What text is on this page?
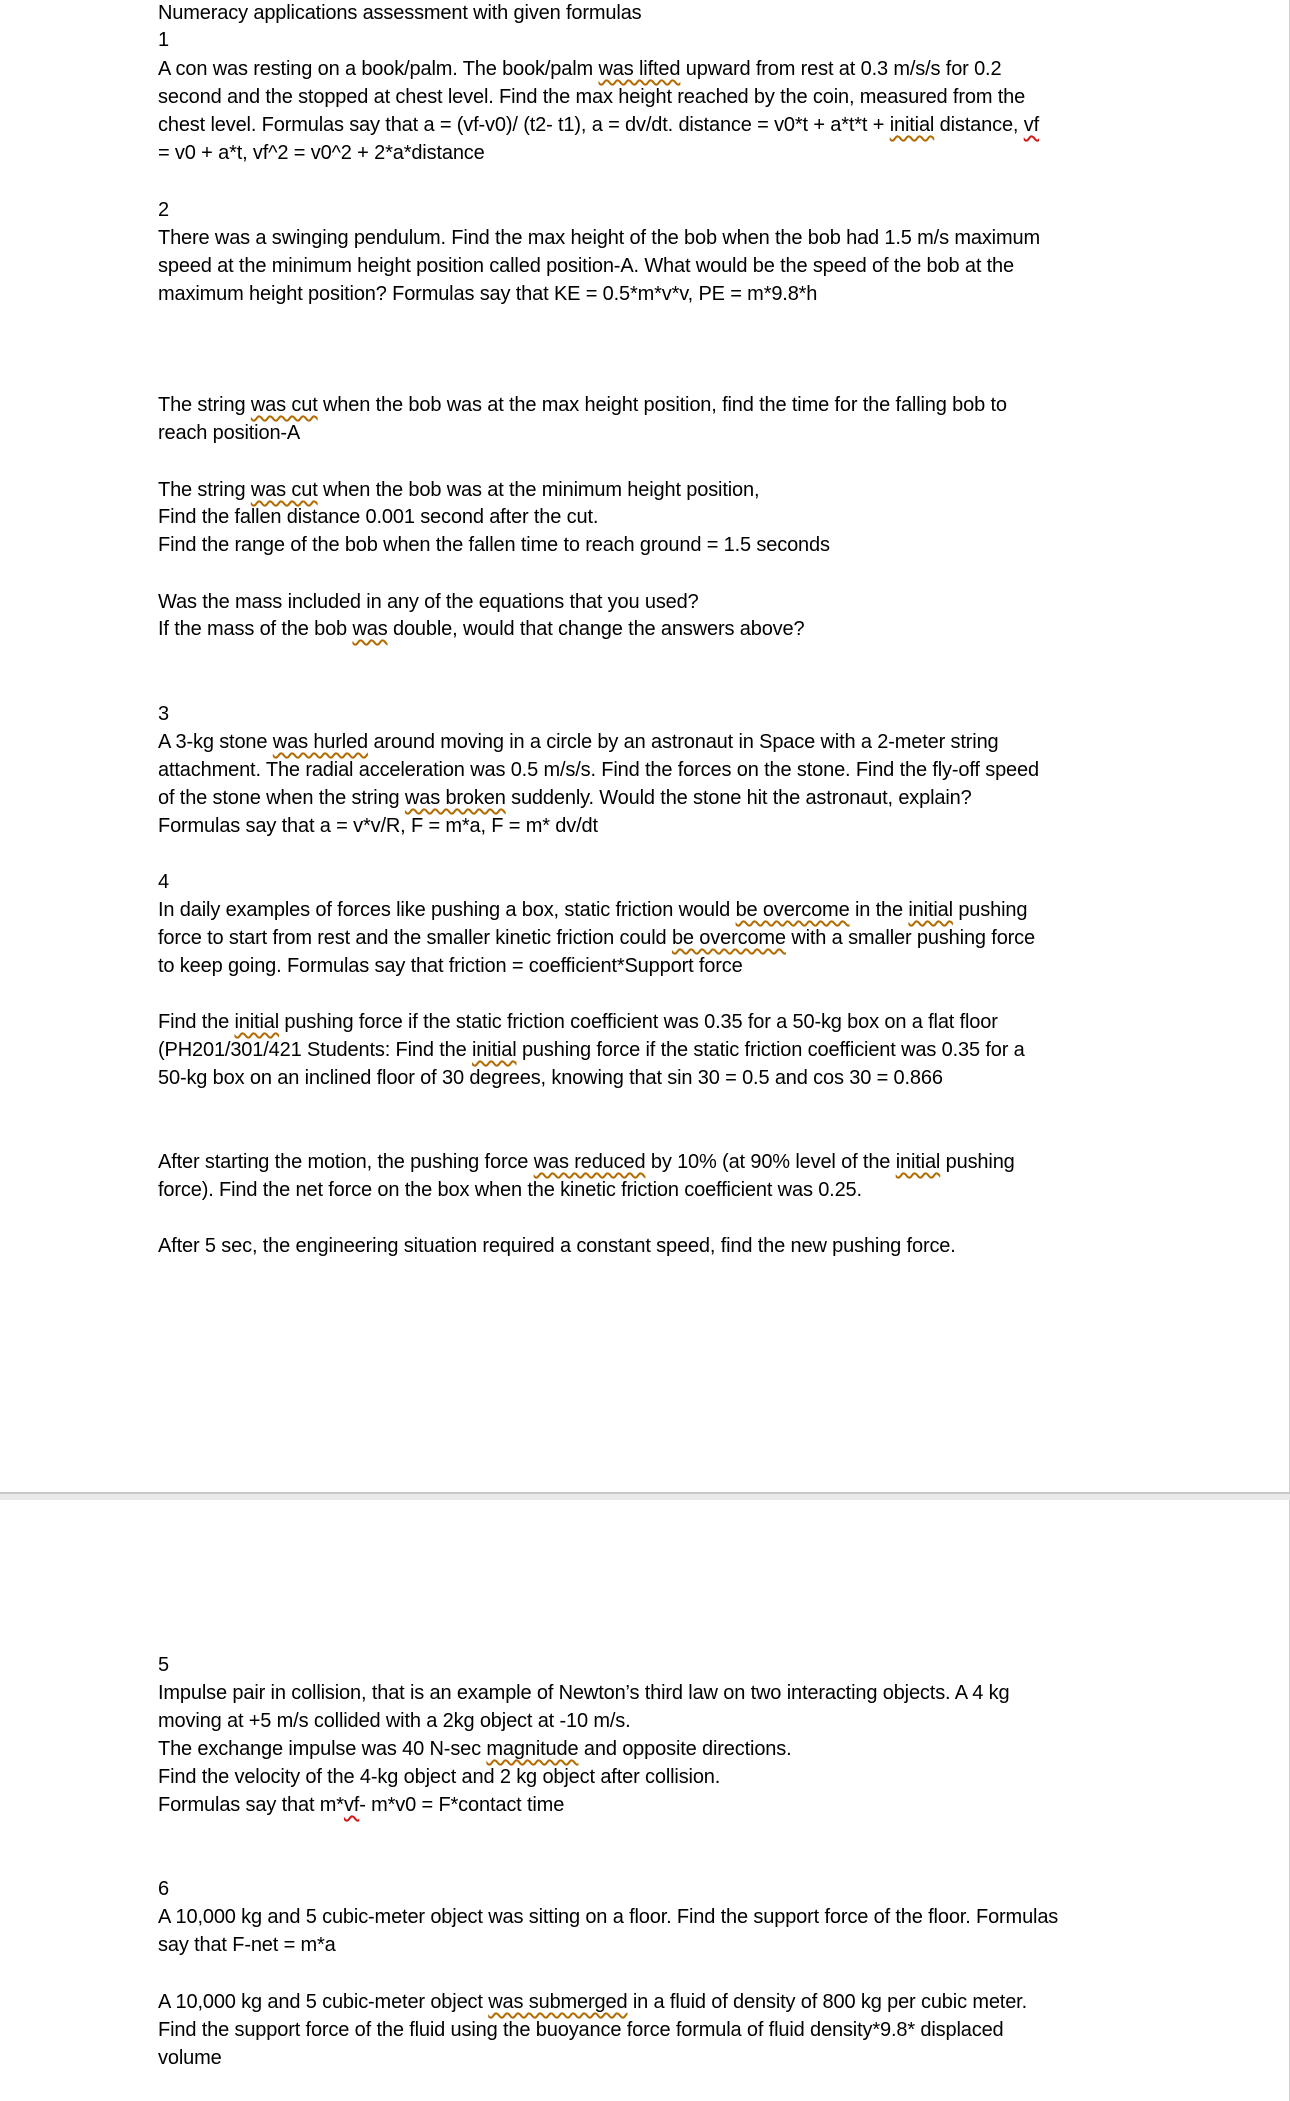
Numeracy applications assessment with given formulas
1
A con was resting on a book/palm. The book/palm was lifted upward from rest at 0.3 m/s/s for 0.2
second and the stopped at chest level. Find the max height reached by the coin, measured from the
chest level. Formulas say that a = (vf-v0)/ (t2- t1), a = dv/dt. distance = v0*t + a*t*t + initial distance, vf
= v0 + a*t, vf^2 = v0^2 + 2*a*distance
2
There was a swinging pendulum. Find the max height of the bob when the bob had 1.5 m/s maximum
speed at the minimum height position called position-A. What would be the speed of the bob at the
maximum height position? Formulas say that KE = 0.5*m*v*v, PE = m*9.8*h
The string was cut when the bob was at the max height position, find the time for the falling bob to
reach position-A
The string was cut when the bob was at the minimum height position,
Find the fallen distance 0.001 second after the cut.
Find the range of the bob when the fallen time to reach ground = 1.5 seconds
Was the mass included in any of the equations that you used?
If the mass of the bob was double, would that change the answers above?
3
A 3-kg stone was hurled around moving in a circle by an astronaut in Space with a 2-meter string
attachment. The radial acceleration was 0.5 m/s/s. Find the forces on the stone. Find the fly-off speed
of the stone when the string was broken suddenly. Would the stone hit the astronaut, explain?
Formulas say that a = v*v/R, F = m*a, F = m* dv/dt
4
In daily examples of forces like pushing a box, static friction would be overcome in the initial pushing
force to start from rest and the smaller kinetic friction could be overcome with a smaller pushing force
to keep going. Formulas say that friction = coefficient*Support force
Find the initial pushing force if the static friction coefficient was 0.35 for a 50-kg box on a flat floor
(PH201/301/421 Students: Find the initial pushing force if the static friction coefficient was 0.35 for a
50-kg box on an inclined floor of 30 degrees, knowing that sin 30 = 0.5 and cos 30 = 0.866
After starting the motion, the pushing force was reduced by 10% (at 90% level of the initial pushing
force). Find the net force on the box when the kinetic friction coefficient was 0.25.
After 5 sec, the engineering situation required a constant speed, find the new pushing force.
5
Impulse pair in collision, that is an example of Newton’s third law on two interacting objects. A 4 kg
moving at +5 m/s collided with a 2kg object at -10 m/s.
The exchange impulse was 40 N-sec magnitude and opposite directions.
Find the velocity of the 4-kg object and 2 kg object after collision.
Formulas say that m*vf- m*v0 = F*contact time
6
A 10,000 kg and 5 cubic-meter object was sitting on a floor. Find the support force of the floor. Formulas
say that F-net = m*a
A 10,000 kg and 5 cubic-meter object was submerged in a fluid of density of 800 kg per cubic meter.
Find the support force of the fluid using the buoyance force formula of fluid density*9.8* displaced
volume
